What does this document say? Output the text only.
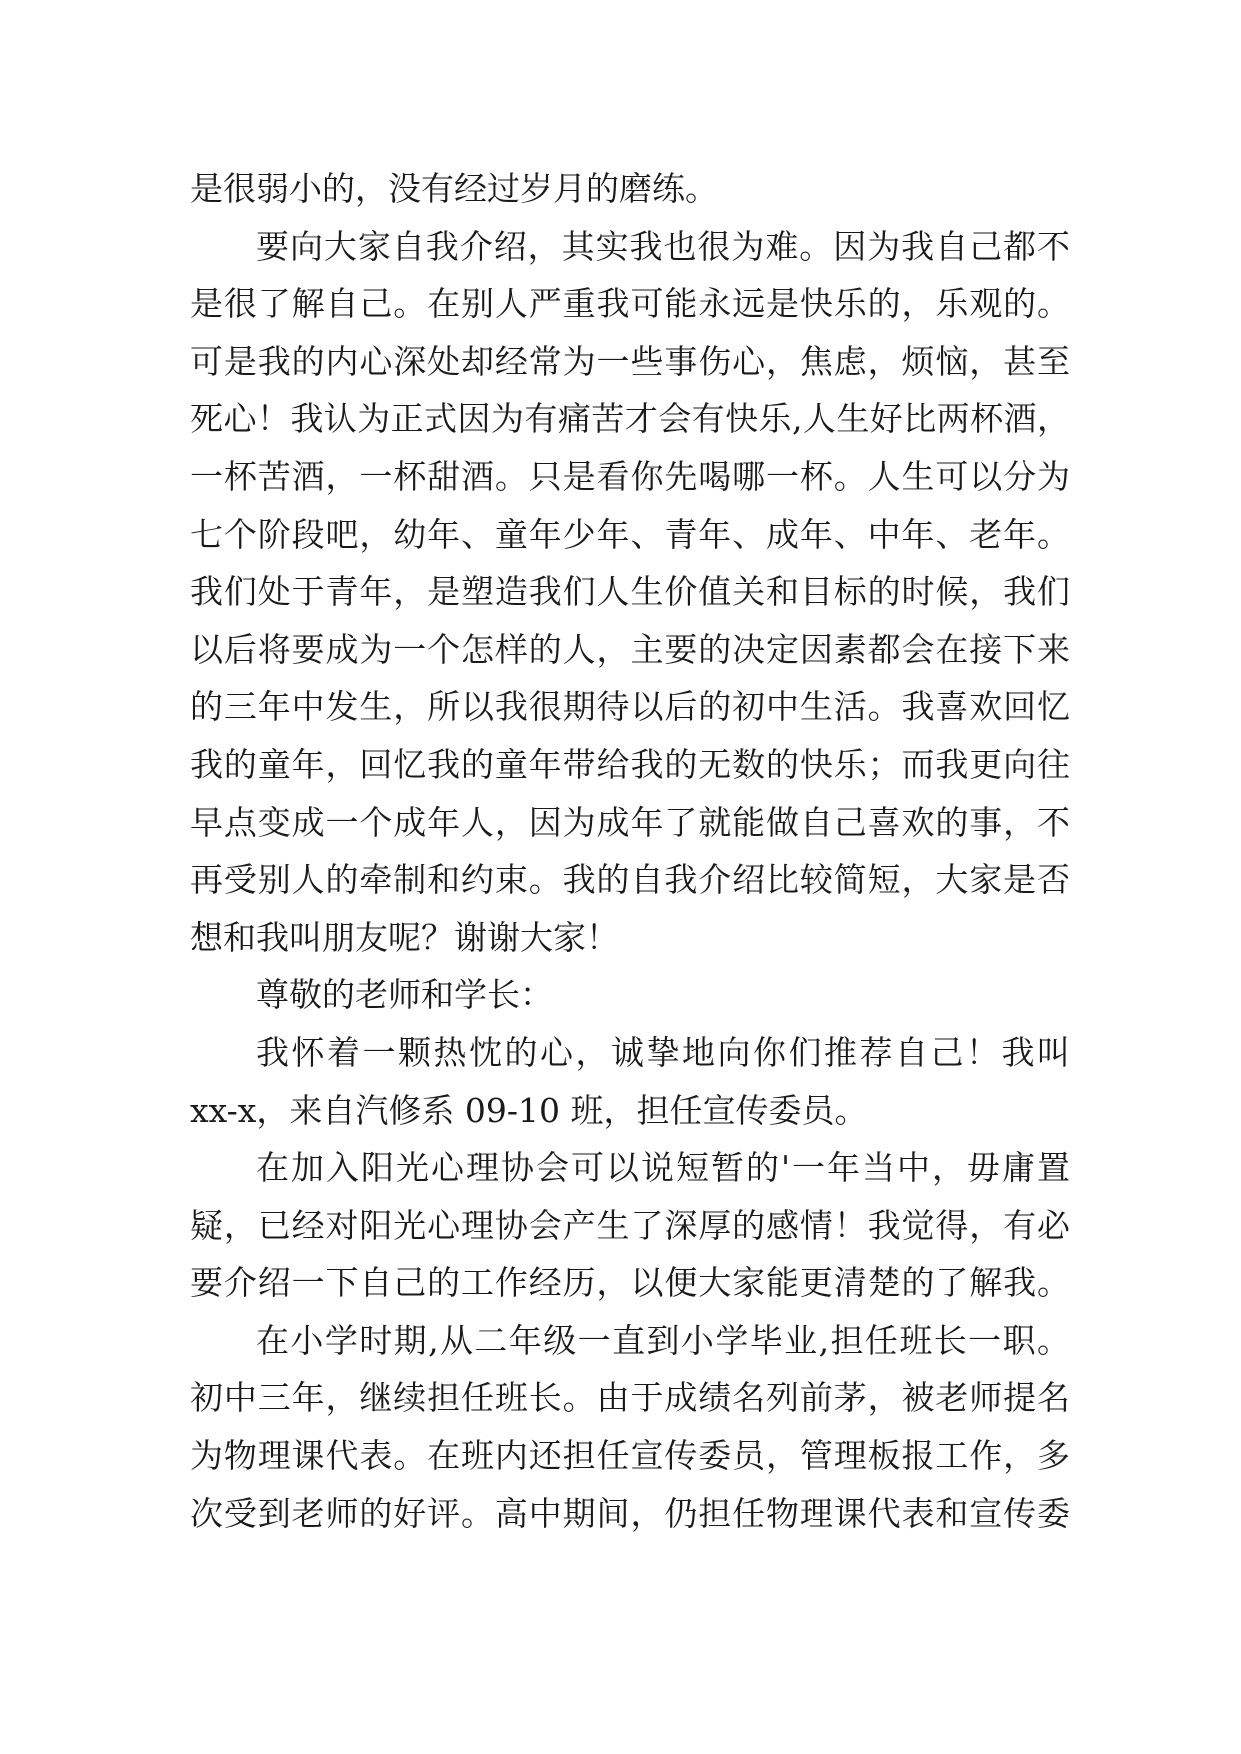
是很弱小的，没有经过岁月的磨练。
要向大家自我介绍，其实我也很为难。因为我自己都不
是很了解自己。在别人严重我可能永远是快乐的，乐观的。
可是我的内心深处却经常为一些事伤心，焦虑，烦恼，甚至
死心！我认为正式因为有痛苦才会有快乐,人生好比两杯酒，
一杯苦酒，一杯甜酒。只是看你先喝哪一杯。人生可以分为
七个阶段吧，幼年、童年少年、青年、成年、中年、老年。
我们处于青年，是塑造我们人生价值关和目标的时候，我们
以后将要成为一个怎样的人，主要的决定因素都会在接下来
的三年中发生，所以我很期待以后的初中生活。我喜欢回忆
我的童年，回忆我的童年带给我的无数的快乐；而我更向往
早点变成一个成年人，因为成年了就能做自己喜欢的事，不
再受别人的牵制和约束。我的自我介绍比较简短，大家是否
想和我叫朋友呢？谢谢大家！
尊敬的老师和学长：
我怀着一颗热忱的心，诚挚地向你们推荐自己！我叫
xx-x，来自汽修系 09-10 班，担任宣传委员。
在加入阳光心理协会可以说短暂的'一年当中，毋庸置
疑，已经对阳光心理协会产生了深厚的感情！我觉得，有必
要介绍一下自己的工作经历，以便大家能更清楚的了解我。
在小学时期,从二年级一直到小学毕业,担任班长一职。
初中三年，继续担任班长。由于成绩名列前茅，被老师提名
为物理课代表。在班内还担任宣传委员，管理板报工作，多
次受到老师的好评。高中期间，仍担任物理课代表和宣传委
